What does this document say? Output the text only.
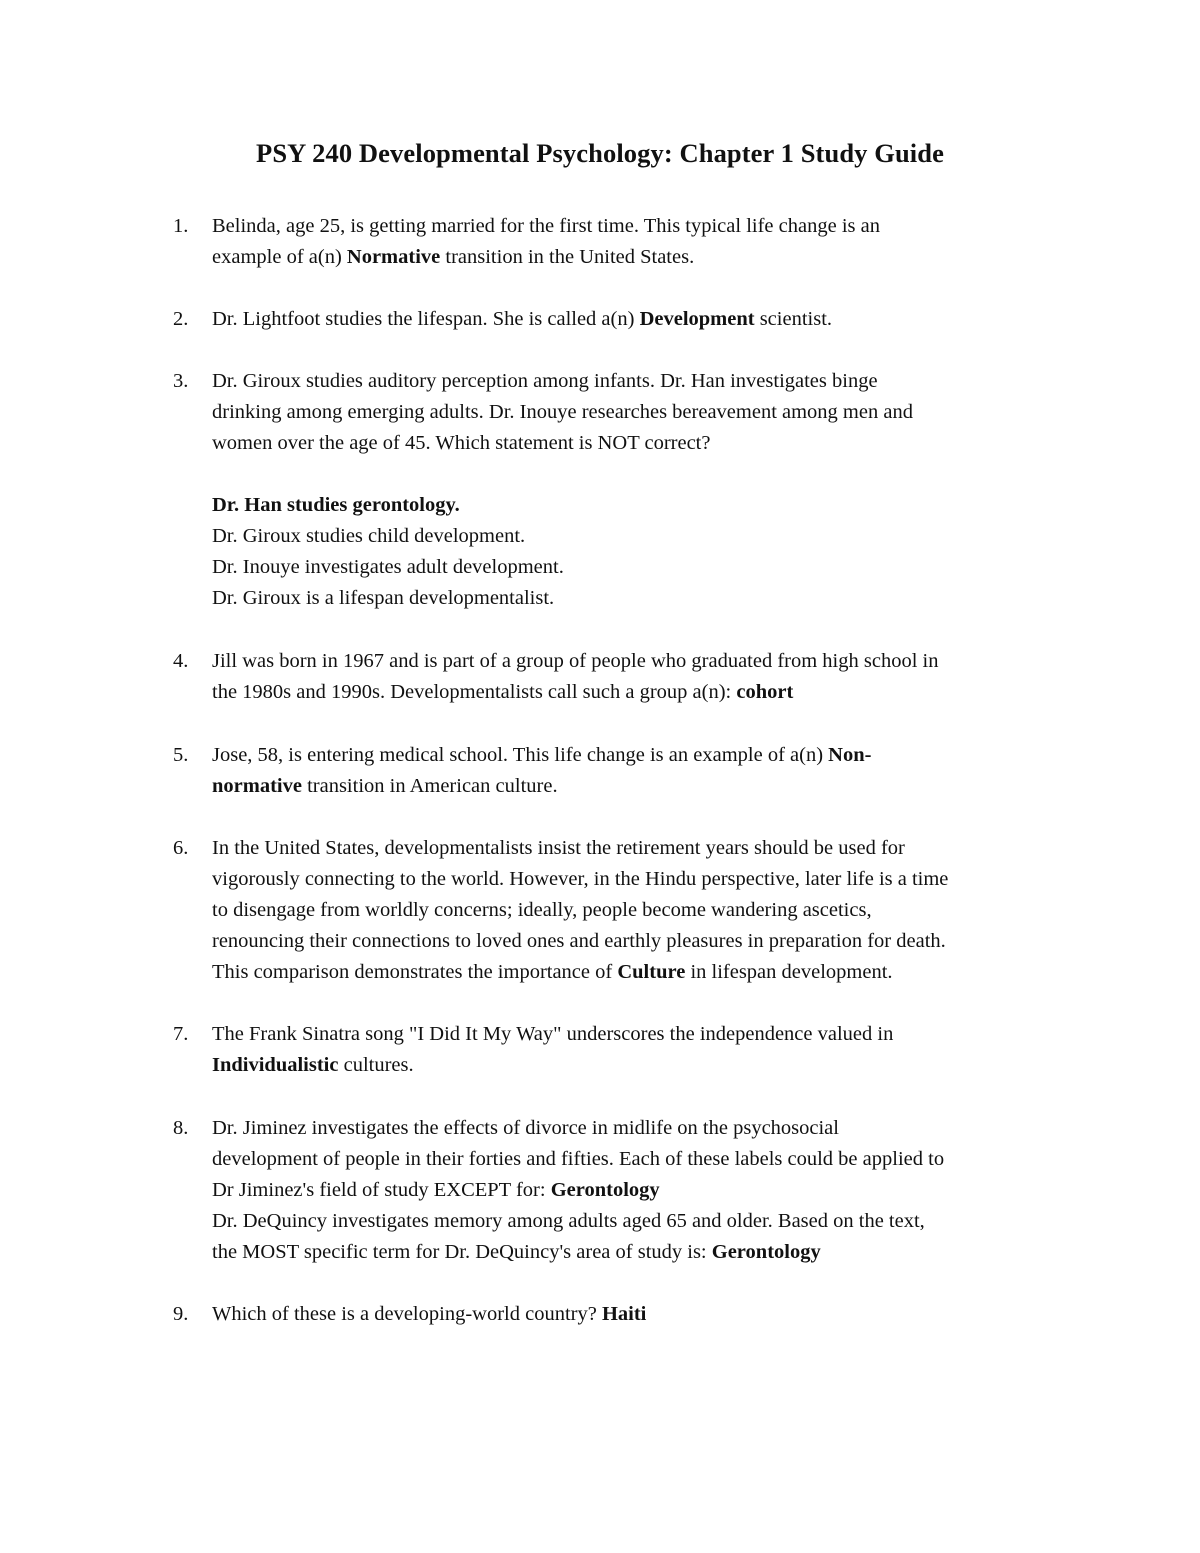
PSY 240 Developmental Psychology: Chapter 1 Study Guide
1. Belinda, age 25, is getting married for the first time. This typical life change is an
example of a(n) Normative transition in the United States.
2. Dr. Lightfoot studies the lifespan. She is called a(n) Development scientist.
3. Dr. Giroux studies auditory perception among infants. Dr. Han investigates binge
drinking among emerging adults. Dr. Inouye researches bereavement among men and
women over the age of 45. Which statement is NOT correct?
Dr. Han studies gerontology.
Dr. Giroux studies child development.
Dr. Inouye investigates adult development.
Dr. Giroux is a lifespan developmentalist.
4. Jill was born in 1967 and is part of a group of people who graduated from high school in
the 1980s and 1990s. Developmentalists call such a group a(n): cohort
5. Jose, 58, is entering medical school. This life change is an example of a(n) Non-
normative transition in American culture.
6. In the United States, developmentalists insist the retirement years should be used for
vigorously connecting to the world. However, in the Hindu perspective, later life is a time
to disengage from worldly concerns; ideally, people become wandering ascetics,
renouncing their connections to loved ones and earthly pleasures in preparation for death.
This comparison demonstrates the importance of Culture in lifespan development.
7. The Frank Sinatra song "I Did It My Way" underscores the independence valued in
Individualistic cultures.
8. Dr. Jiminez investigates the effects of divorce in midlife on the psychosocial
development of people in their forties and fifties. Each of these labels could be applied to
Dr Jiminez's field of study EXCEPT for: Gerontology
Dr. DeQuincy investigates memory among adults aged 65 and older. Based on the text,
the MOST specific term for Dr. DeQuincy's area of study is: Gerontology
9. Which of these is a developing-world country? Haiti
